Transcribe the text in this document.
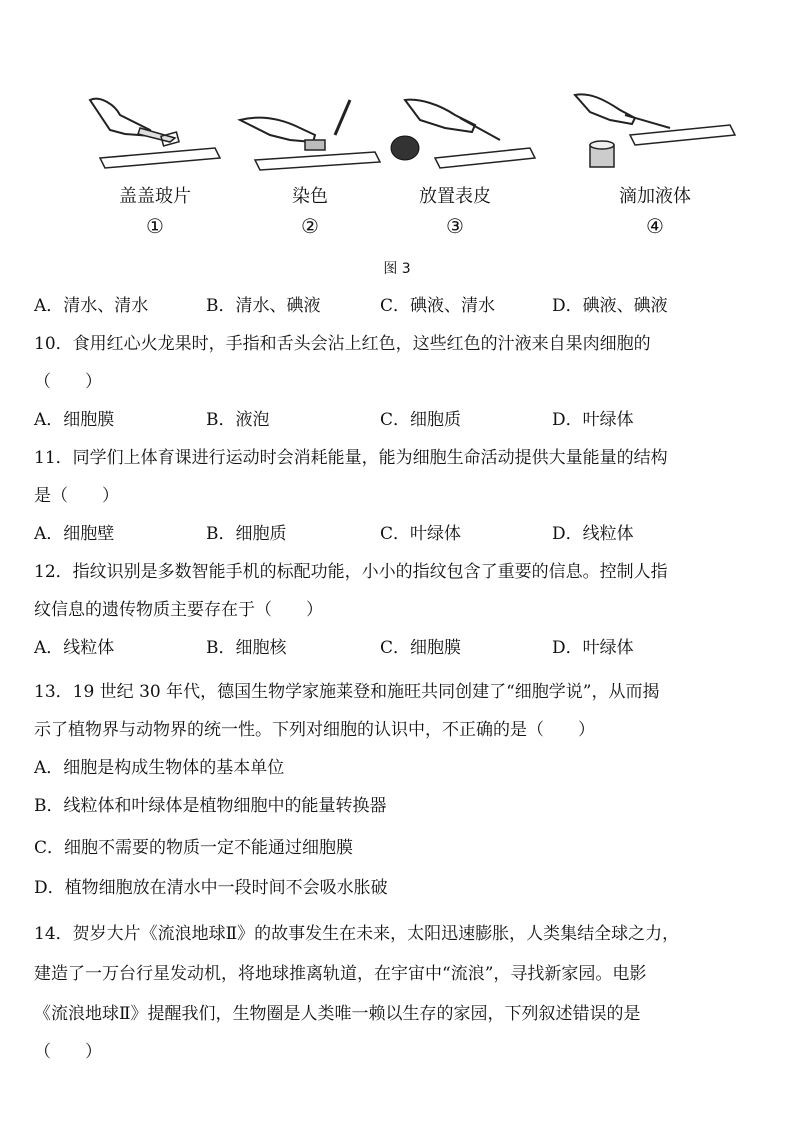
盖盖玻片
①
染色
②
放置表皮
③
滴加液体
④
图 3
A．清水、清水	B．清水、碘液	C．碘液、清水	D．碘液、碘液
10．食用红心火龙果时，手指和舌头会沾上红色，这些红色的汁液来自果肉细胞的
（　　）
A．细胞膜	B．液泡	C．细胞质	D．叶绿体
11．同学们上体育课进行运动时会消耗能量，能为细胞生命活动提供大量能量的结构
是（　　）
A．细胞壁	B．细胞质	C．叶绿体	D．线粒体
12．指纹识别是多数智能手机的标配功能，小小的指纹包含了重要的信息。控制人指
纹信息的遗传物质主要存在于（　　）
A．线粒体	B．细胞核	C．细胞膜	D．叶绿体
13．19 世纪 30 年代，德国生物学家施莱登和施旺共同创建了“细胞学说”，从而揭
示了植物界与动物界的统一性。下列对细胞的认识中，不正确的是（　　）
A．细胞是构成生物体的基本单位
B．线粒体和叶绿体是植物细胞中的能量转换器
C．细胞不需要的物质一定不能通过细胞膜
D．植物细胞放在清水中一段时间不会吸水胀破
14．贺岁大片《流浪地球Ⅱ》的故事发生在未来，太阳迅速膨胀，人类集结全球之力，
建造了一万台行星发动机，将地球推离轨道，在宇宙中“流浪”，寻找新家园。电影
《流浪地球Ⅱ》提醒我们，生物圈是人类唯一赖以生存的家园，下列叙述错误的是
（　　）
